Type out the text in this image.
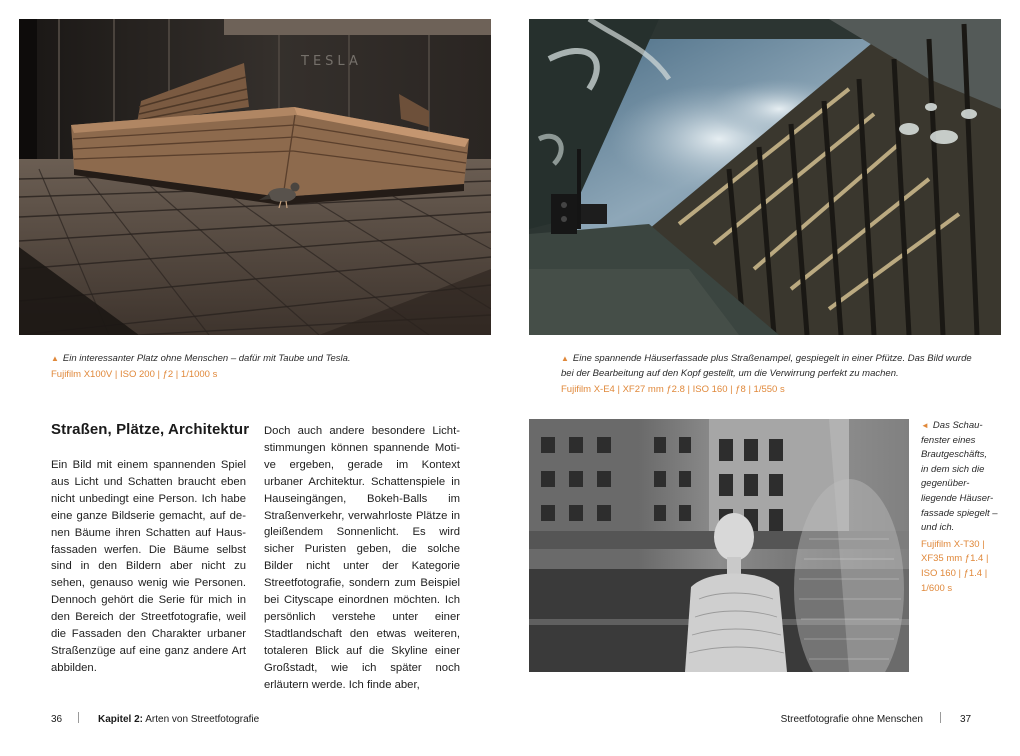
TESLA
▲ Ein interessanter Platz ohne Menschen – dafür mit Taube und Tesla.
Fujifilm X100V | ISO 200 | ƒ2 | 1/1000 s
▲ Eine spannende Häuserfassade plus Straßenampel, gespiegelt in einer Pfütze. Das Bild wurde bei der Bearbeitung auf den Kopf gestellt, um die Verwirrung perfekt zu machen.
Fujifilm X-E4 | XF27 mm ƒ2.8 | ISO 160 | ƒ8 | 1/550 s
◄ Das Schau-
fenster eines
Brautgeschäfts,
in dem sich die
gegenüber-
liegende Häuser-
fassade spiegelt –
und ich.
Fujifilm X-T30 |
XF35 mm ƒ1.4 |
ISO 160 | ƒ1.4 |
1/600 s
Straßen, Plätze, Architektur
Ein Bild mit einem spannenden Spiel aus Licht und Schatten braucht eben nicht unbedingt eine Person. Ich habe eine ganze Bildserie gemacht, auf denen Bäume ihren Schatten auf Hausfassaden werfen. Die Bäume selbst sind in den Bildern aber nicht zu sehen, genauso wenig wie Personen. Dennoch gehört die Serie für mich in den Bereich der Streetfotografie, weil die Fassaden den Charakter urbaner Straßenzüge auf eine ganz andere Art abbilden.
Doch auch andere besondere Lichtstimmungen können spannende Motive ergeben, gerade im Kontext urbaner Architektur. Schattenspiele in Hauseingängen, Bokeh-Balls im Straßenverkehr, verwahrloste Plätze in gleißendem Sonnenlicht. Es wird sicher Puristen geben, die solche Bilder nicht unter der Kategorie Streetfotografie, sondern zum Beispiel bei Cityscape einordnen möchten. Ich persönlich verstehe unter einer Stadtlandschaft den etwas weiteren, totaleren Blick auf die Skyline einer Großstadt, wie ich später noch erläutern werde. Ich finde aber,
36	Kapitel 2: Arten von Streetfotografie	Streetfotografie ohne Menschen	37
